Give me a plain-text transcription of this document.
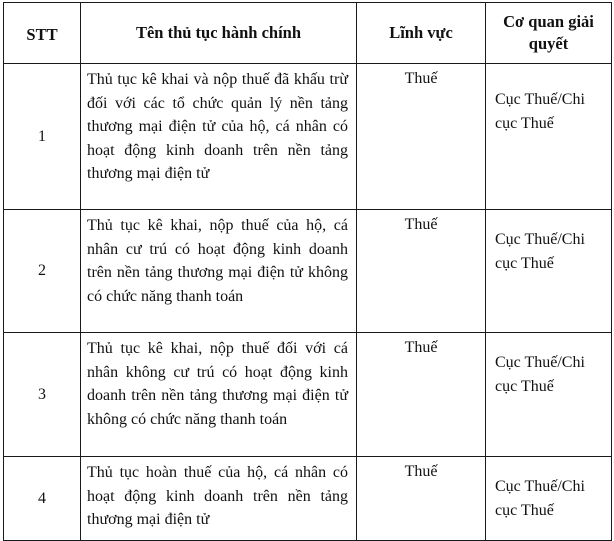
STT	Tên thủ tục hành chính	Lĩnh vực	Cơ quan giải quyết
1	Thủ tục kê khai và nộp thuế đã khấu trừ đối với các tổ chức quản lý nền tảng thương mại điện tử của hộ, cá nhân có hoạt động kinh doanh trên nền tảng thương mại điện tử	Thuế	Cục Thuế/Chi cục Thuế
2	Thủ tục kê khai, nộp thuế của hộ, cá nhân cư trú có hoạt động kinh doanh trên nền tảng thương mại điện tử không có chức năng thanh toán	Thuế	Cục Thuế/Chi cục Thuế
3	Thủ tục kê khai, nộp thuế đối với cá nhân không cư trú có hoạt động kinh doanh trên nền tảng thương mại điện tử không có chức năng thanh toán	Thuế	Cục Thuế/Chi cục Thuế
4	Thủ tục hoàn thuế của hộ, cá nhân có hoạt động kinh doanh trên nền tảng thương mại điện tử	Thuế	Cục Thuế/Chi cục Thuế
